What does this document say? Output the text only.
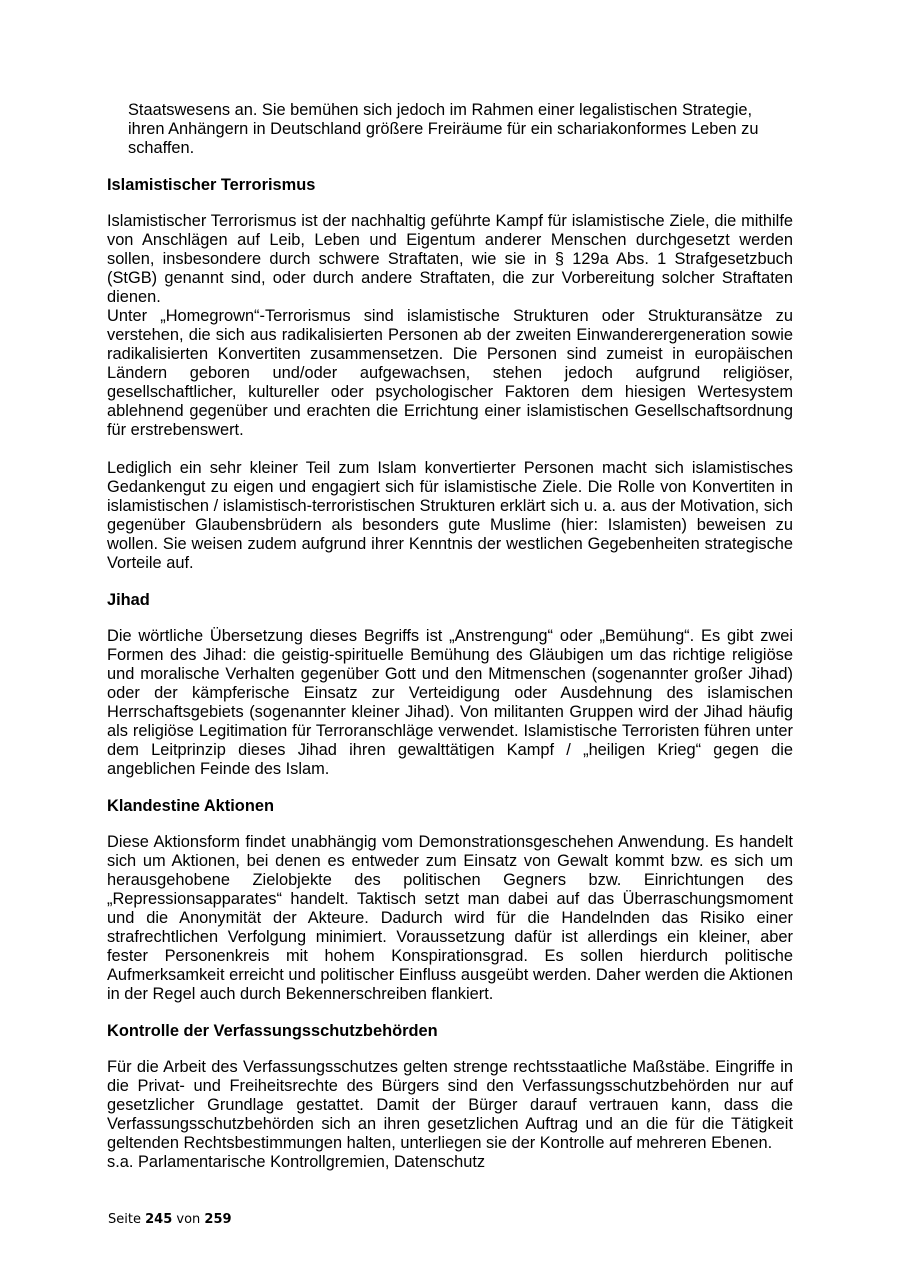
Staatswesens an. Sie bemühen sich jedoch im Rahmen einer legalistischen Strategie, ihren Anhängern in Deutschland größere Freiräume für ein schariakonformes Leben zu schaffen.

Islamistischer Terrorismus

Islamistischer Terrorismus ist der nachhaltig geführte Kampf für islamistische Ziele, die mithilfe von Anschlägen auf Leib, Leben und Eigentum anderer Menschen durchgesetzt werden sollen, insbesondere durch schwere Straftaten, wie sie in § 129a Abs. 1 Strafgesetzbuch (StGB) genannt sind, oder durch andere Straftaten, die zur Vorbereitung solcher Straftaten dienen.

Unter „Homegrown“-Terrorismus sind islamistische Strukturen oder Strukturansätze zu verstehen, die sich aus radikalisierten Personen ab der zweiten Einwanderergeneration sowie radikalisierten Konvertiten zusammensetzen. Die Personen sind zumeist in europäischen Ländern geboren und/oder aufgewachsen, stehen jedoch aufgrund religiöser, gesellschaftlicher, kultureller oder psychologischer Faktoren dem hiesigen Wertesystem ablehnend gegenüber und erachten die Errichtung einer islamistischen Gesellschaftsordnung für erstrebenswert.

Lediglich ein sehr kleiner Teil zum Islam konvertierter Personen macht sich islamistisches Gedankengut zu eigen und engagiert sich für islamistische Ziele. Die Rolle von Konvertiten in islamistischen / islamistisch-terroristischen Strukturen erklärt sich u. a. aus der Motivation, sich gegenüber Glaubensbrüdern als besonders gute Muslime (hier: Islamisten) beweisen zu wollen. Sie weisen zudem aufgrund ihrer Kenntnis der westlichen Gegebenheiten strategische Vorteile auf.

Jihad

Die wörtliche Übersetzung dieses Begriffs ist „Anstrengung“ oder „Bemühung“. Es gibt zwei Formen des Jihad: die geistig-spirituelle Bemühung des Gläubigen um das richtige religiöse und moralische Verhalten gegenüber Gott und den Mitmenschen (sogenannter großer Jihad) oder der kämpferische Einsatz zur Verteidigung oder Ausdehnung des islamischen Herrschaftsgebiets (sogenannter kleiner Jihad). Von militanten Gruppen wird der Jihad häufig als religiöse Legitimation für Terroranschläge verwendet. Islamistische Terroristen führen unter dem Leitprinzip dieses Jihad ihren gewalttätigen Kampf / „heiligen Krieg“ gegen die angeblichen Feinde des Islam.

Klandestine Aktionen

Diese Aktionsform findet unabhängig vom Demonstrationsgeschehen Anwendung. Es handelt sich um Aktionen, bei denen es entweder zum Einsatz von Gewalt kommt bzw. es sich um herausgehobene Zielobjekte des politischen Gegners bzw. Einrichtungen des „Repressionsapparates“ handelt. Taktisch setzt man dabei auf das Überraschungsmoment und die Anonymität der Akteure. Dadurch wird für die Handelnden das Risiko einer strafrechtlichen Verfolgung minimiert. Voraussetzung dafür ist allerdings ein kleiner, aber fester Personenkreis mit hohem Konspirationsgrad. Es sollen hierdurch politische Aufmerksamkeit erreicht und politischer Einfluss ausgeübt werden. Daher werden die Aktionen in der Regel auch durch Bekennerschreiben flankiert.

Kontrolle der Verfassungsschutzbehörden

Für die Arbeit des Verfassungsschutzes gelten strenge rechtsstaatliche Maßstäbe. Eingriffe in die Privat- und Freiheitsrechte des Bürgers sind den Verfassungsschutzbehörden nur auf gesetzlicher Grundlage gestattet. Damit der Bürger darauf vertrauen kann, dass die Verfassungsschutzbehörden sich an ihren gesetzlichen Auftrag und an die für die Tätigkeit geltenden Rechtsbestimmungen halten, unterliegen sie der Kontrolle auf mehreren Ebenen.

s.a. Parlamentarische Kontrollgremien, Datenschutz

Seite 245 von 259
